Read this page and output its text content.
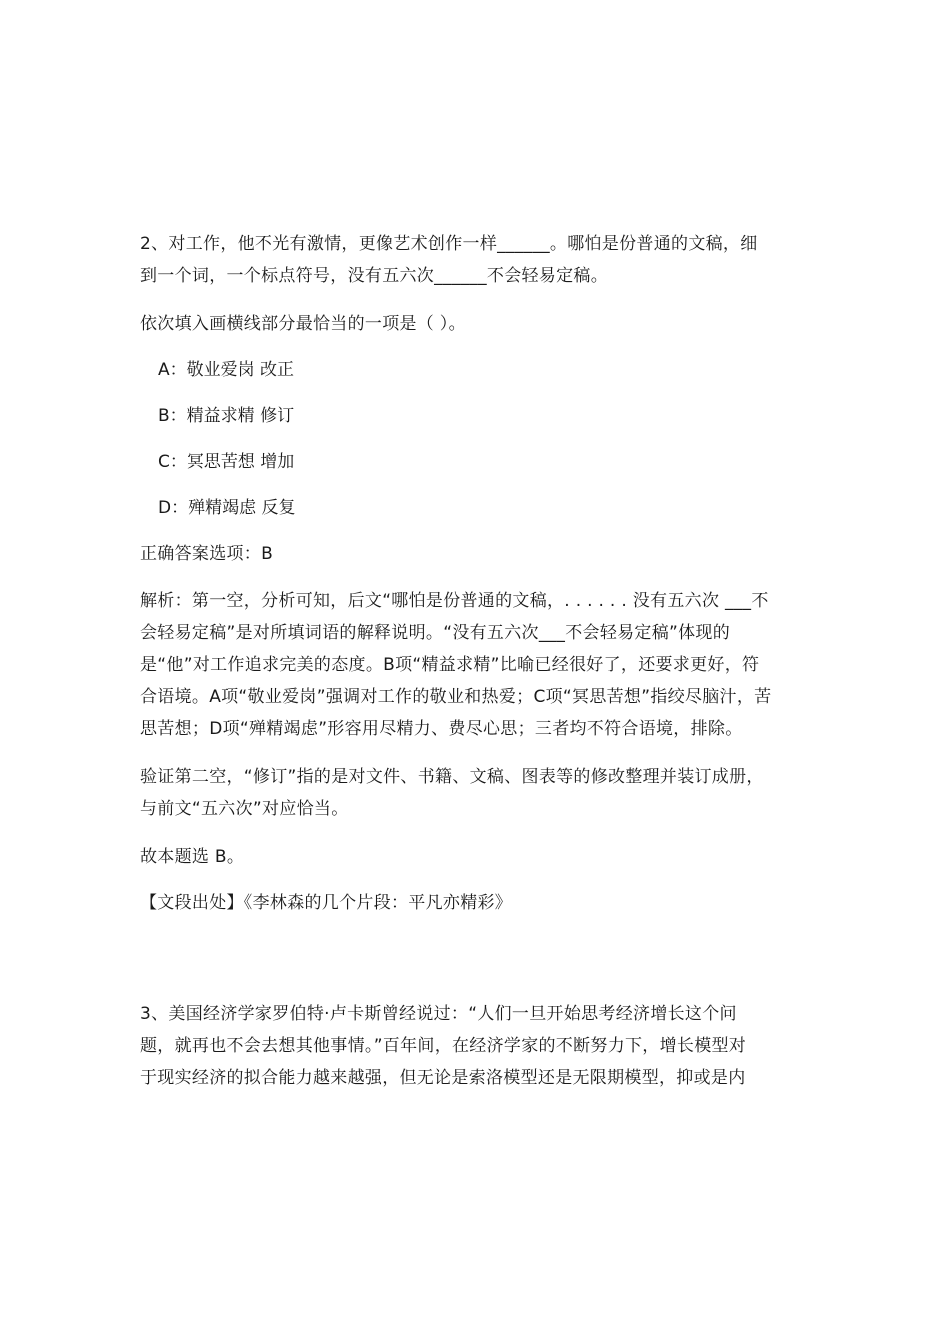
2、对工作，他不光有激情，更像艺术创作一样______。哪怕是份普通的文稿，细
到一个词，一个标点符号，没有五六次______不会轻易定稿。
依次填入画横线部分最恰当的一项是（ ）。
A：敬业爱岗 改正
B：精益求精 修订
C：冥思苦想 增加
D：殚精竭虑 反复
正确答案选项：B
解析：第一空，分析可知，后文“哪怕是份普通的文稿，. . . . . . 没有五六次 ___不
会轻易定稿”是对所填词语的解释说明。“没有五六次___不会轻易定稿”体现的
是“他”对工作追求完美的态度。B项“精益求精”比喻已经很好了，还要求更好，符
合语境。A项“敬业爱岗”强调对工作的敬业和热爱；C项“冥思苦想”指绞尽脑汁，苦
思苦想；D项“殚精竭虑”形容用尽精力、费尽心思；三者均不符合语境，排除。
验证第二空，“修订”指的是对文件、书籍、文稿、图表等的修改整理并装订成册，
与前文“五六次”对应恰当。
故本题选 B。
【文段出处】《李林森的几个片段：平凡亦精彩》
3、美国经济学家罗伯特·卢卡斯曾经说过：“人们一旦开始思考经济增长这个问
题，就再也不会去想其他事情。”百年间，在经济学家的不断努力下，增长模型对
于现实经济的拟合能力越来越强，但无论是索洛模型还是无限期模型，抑或是内
